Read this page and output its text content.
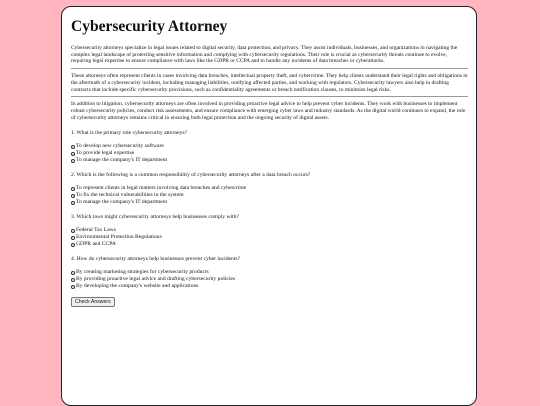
Cybersecurity Attorney

Cybersecurity attorneys specialize in legal issues related to digital security, data protection, and privacy. They assist individuals, businesses, and organizations in navigating the complex legal landscape of protecting sensitive information and complying with cybersecurity regulations. Their role is crucial as cybersecurity threats continue to evolve, requiring legal expertise to ensure compliance with laws like the GDPR or CCPA and to handle any incidents of data breaches or cyberattacks.

These attorneys often represent clients in cases involving data breaches, intellectual property theft, and cybercrime. They help clients understand their legal rights and obligations in the aftermath of a cybersecurity incident, including managing liabilities, notifying affected parties, and working with regulators. Cybersecurity lawyers also help in drafting contracts that include specific cybersecurity provisions, such as confidentiality agreements or breach notification clauses, to minimize legal risks.

In addition to litigation, cybersecurity attorneys are often involved in providing proactive legal advice to help prevent cyber incidents. They work with businesses to implement robust cybersecurity policies, conduct risk assessments, and ensure compliance with emerging cyber laws and industry standards. As the digital world continues to expand, the role of cybersecurity attorneys remains critical in ensuring both legal protection and the ongoing security of digital assets.

1. What is the primary role cybersecurity attorneys?

To develop new cybersecurity software
To provide legal expertise
To manage the company's IT department

2. Which is the following is a common responsibility of cybersecurity attorneys after a data breach occurs?

To represent clients in legal matters involving data breaches and cybercrime
To fix the technical vulnerabilities in the system
To manage the company's IT department

3. Which laws might cybersecurity attorneys help businesses comply with?

Federal Tax Laws
Environmental Protection Regulations
GDPR and CCPA

4. How do cybersecurity attorneys help businesses prevent cyber incidents?

By creating marketing strategies for cybersecurity products
By providing proactive legal advice and drafting cybersecurity policies
By developing the company's website and applications
Check Answers
